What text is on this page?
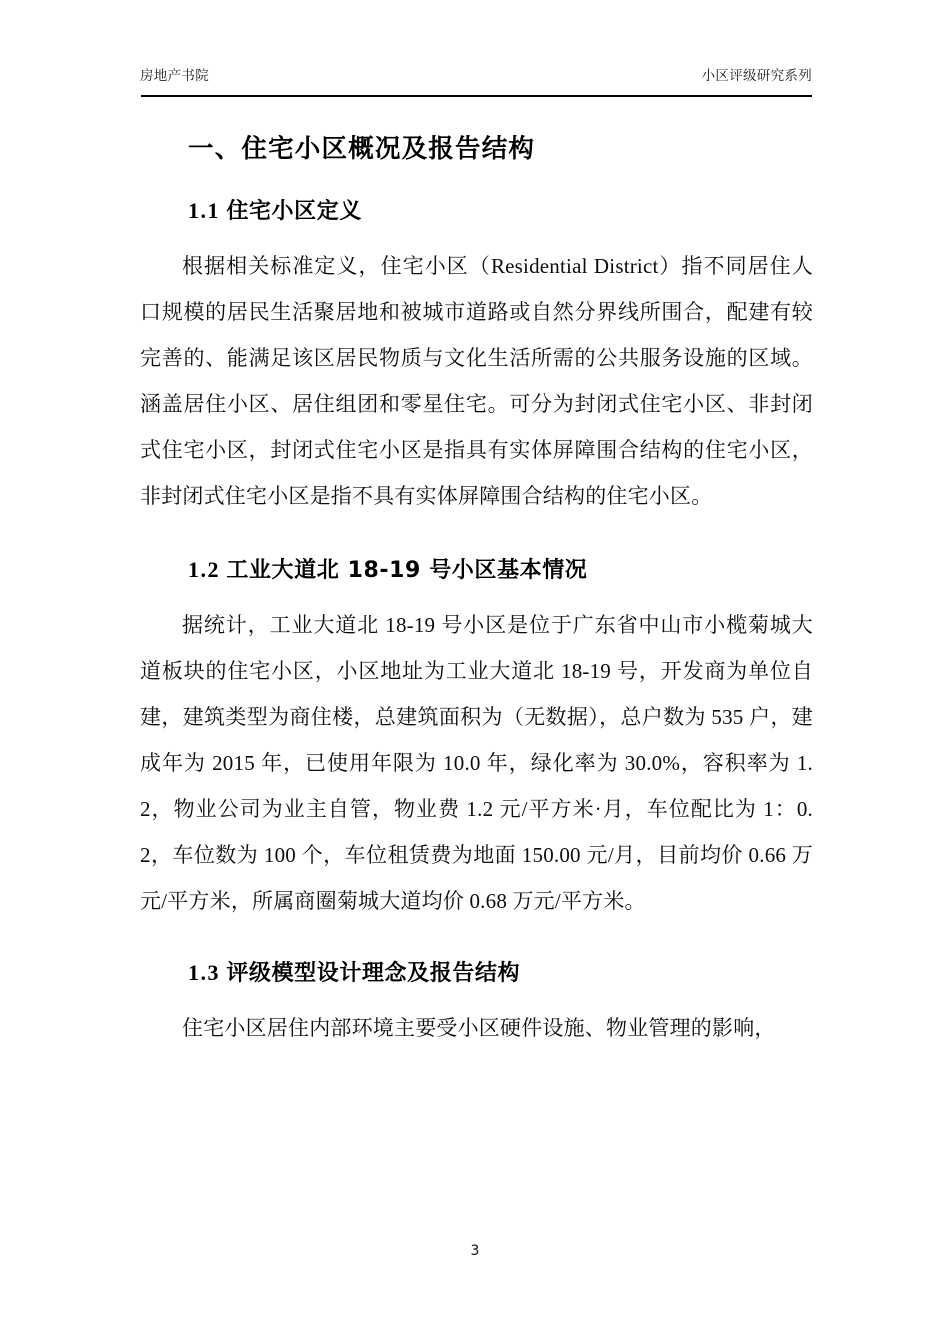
房地产书院	小区评级研究系列
一、住宅小区概况及报告结构
1.1 住宅小区定义

根据相关标准定义，住宅小区（Residential District）指不同居住人口规模的居民生活聚居地和被城市道路或自然分界线所围合，配建有较完善的、能满足该区居民物质与文化生活所需的公共服务设施的区域。涵盖居住小区、居住组团和零星住宅。可分为封闭式住宅小区、非封闭式住宅小区，封闭式住宅小区是指具有实体屏障围合结构的住宅小区，非封闭式住宅小区是指不具有实体屏障围合结构的住宅小区。

1.2 工业大道北 18-19 号小区基本情况

据统计，工业大道北 18-19 号小区是位于广东省中山市小榄菊城大道板块的住宅小区，小区地址为工业大道北 18-19 号，开发商为单位自建，建筑类型为商住楼，总建筑面积为（无数据），总户数为 535 户，建成年为 2015 年，已使用年限为 10.0 年，绿化率为 30.0%，容积率为 1.2，物业公司为业主自管，物业费 1.2 元/平方米·月，车位配比为 1：0.2，车位数为 100 个，车位租赁费为地面 150.00 元/月，目前均价 0.66 万元/平方米，所属商圈菊城大道均价 0.68 万元/平方米。

1.3 评级模型设计理念及报告结构

住宅小区居住内部环境主要受小区硬件设施、物业管理的影响，

3
